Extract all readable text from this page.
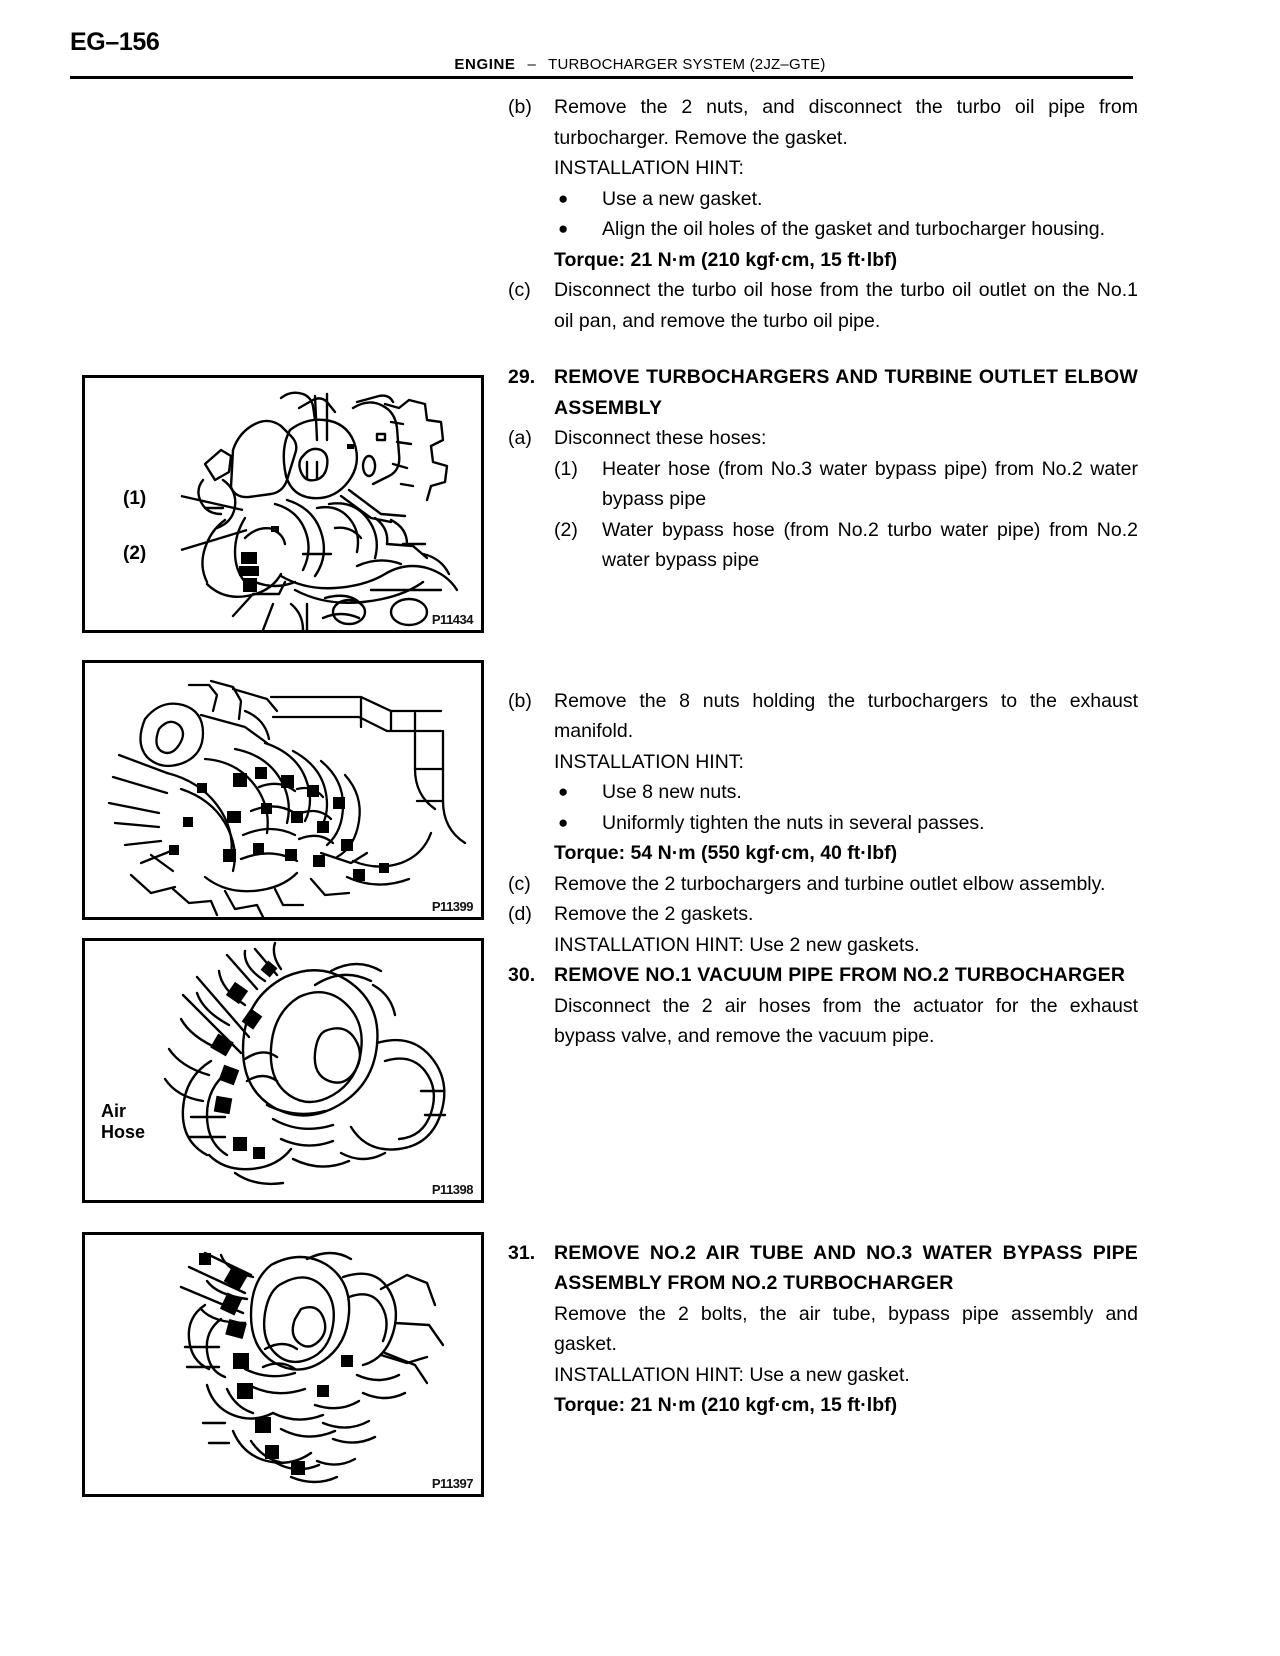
EG–156
ENGINE – TURBOCHARGER SYSTEM (2JZ–GTE)
(1)
(2)
P11434
P11399
Air
Hose
P11398
P11397
(b)	Remove the 2 nuts, and disconnect the turbo oil pipe from turbocharger. Remove the gasket.
INSTALLATION HINT:
●	Use a new gasket.
●	Align the oil holes of the gasket and turbocharger housing.
Torque: 21 N·m (210 kgf·cm, 15 ft·lbf)
(c)	Disconnect the turbo oil hose from the turbo oil outlet on the No.1 oil pan, and remove the turbo oil pipe.
29. REMOVE TURBOCHARGERS AND TURBINE OUTLET ELBOW ASSEMBLY
(a)	Disconnect these hoses:
(1)	Heater hose (from No.3 water bypass pipe) from No.2 water bypass pipe
(2)	Water bypass hose (from No.2 turbo water pipe) from No.2 water bypass pipe
(b)	Remove the 8 nuts holding the turbochargers to the exhaust manifold.
INSTALLATION HINT:
●	Use 8 new nuts.
●	Uniformly tighten the nuts in several passes.
Torque: 54 N·m (550 kgf·cm, 40 ft·lbf)
(c)	Remove the 2 turbochargers and turbine outlet elbow assembly.
(d)	Remove the 2 gaskets.
INSTALLATION HINT: Use 2 new gaskets.
30. REMOVE NO.1 VACUUM PIPE FROM NO.2 TURBOCHARGER
Disconnect the 2 air hoses from the actuator for the exhaust bypass valve, and remove the vacuum pipe.
31. REMOVE NO.2 AIR TUBE AND NO.3 WATER BYPASS PIPE ASSEMBLY FROM NO.2 TURBOCHARGER
Remove the 2 bolts, the air tube, bypass pipe assembly and gasket.
INSTALLATION HINT: Use a new gasket.
Torque: 21 N·m (210 kgf·cm, 15 ft·lbf)
